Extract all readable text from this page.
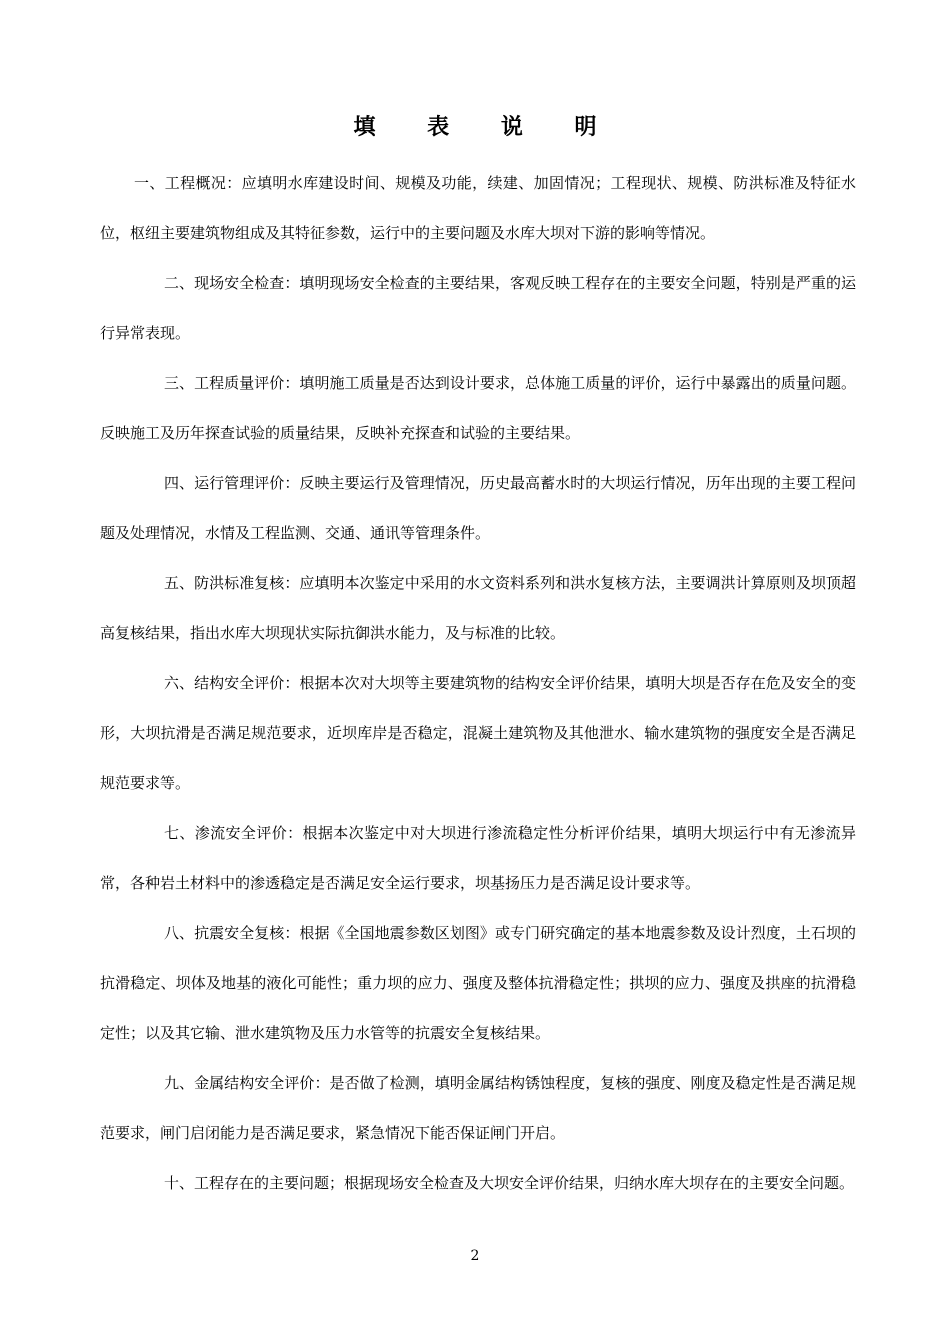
填 表 说 明

一、工程概况：应填明水库建设时间、规模及功能，续建、加固情况；工程现状、规模、防洪标准及特征水位，枢纽主要建筑物组成及其特征参数，运行中的主要问题及水库大坝对下游的影响等情况。

二、现场安全检查：填明现场安全检查的主要结果，客观反映工程存在的主要安全问题，特别是严重的运行异常表现。

三、工程质量评价：填明施工质量是否达到设计要求，总体施工质量的评价，运行中暴露出的质量问题。反映施工及历年探查试验的质量结果，反映补充探查和试验的主要结果。

四、运行管理评价：反映主要运行及管理情况，历史最高蓄水时的大坝运行情况，历年出现的主要工程问题及处理情况，水情及工程监测、交通、通讯等管理条件。

五、防洪标准复核：应填明本次鉴定中采用的水文资料系列和洪水复核方法，主要调洪计算原则及坝顶超高复核结果，指出水库大坝现状实际抗御洪水能力，及与标准的比较。

六、结构安全评价：根据本次对大坝等主要建筑物的结构安全评价结果，填明大坝是否存在危及安全的变形，大坝抗滑是否满足规范要求，近坝库岸是否稳定，混凝土建筑物及其他泄水、输水建筑物的强度安全是否满足规范要求等。

七、渗流安全评价：根据本次鉴定中对大坝进行渗流稳定性分析评价结果，填明大坝运行中有无渗流异常，各种岩土材料中的渗透稳定是否满足安全运行要求，坝基扬压力是否满足设计要求等。

八、抗震安全复核：根据《全国地震参数区划图》或专门研究确定的基本地震参数及设计烈度，土石坝的抗滑稳定、坝体及地基的液化可能性；重力坝的应力、强度及整体抗滑稳定性；拱坝的应力、强度及拱座的抗滑稳定性；以及其它输、泄水建筑物及压力水管等的抗震安全复核结果。

九、金属结构安全评价：是否做了检测，填明金属结构锈蚀程度，复核的强度、刚度及稳定性是否满足规范要求，闸门启闭能力是否满足要求，紧急情况下能否保证闸门开启。

十、工程存在的主要问题；根据现场安全检查及大坝安全评价结果，归纳水库大坝存在的主要安全问题。

2
